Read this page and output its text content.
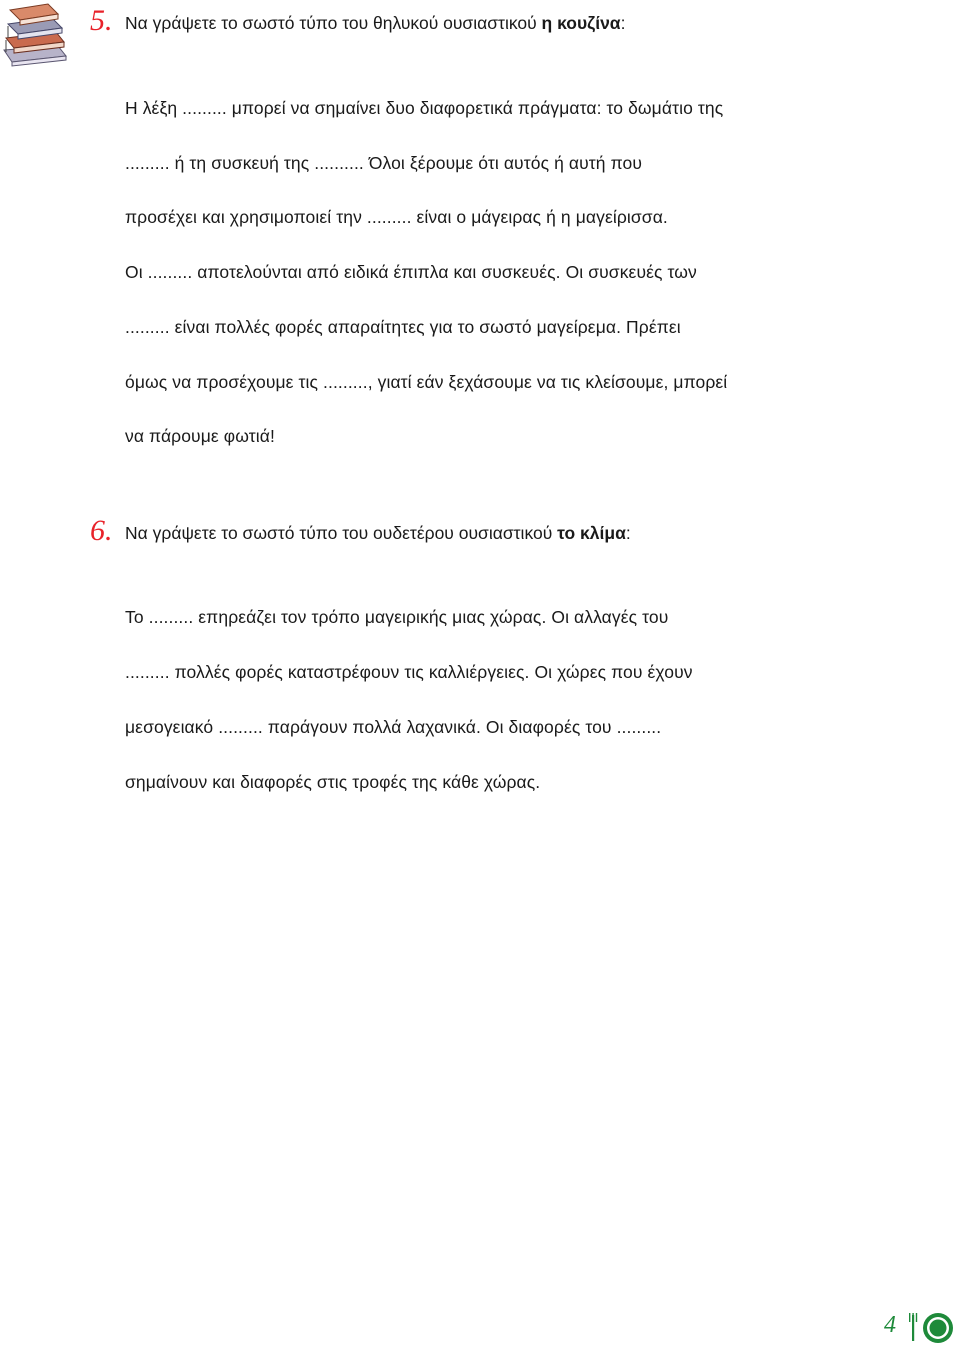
5. Να γράψετε το σωστό τύπο του θηλυκού ουσιαστικού η κουζίνα:
Η λέξη ......... μπορεί να σημαίνει δυο διαφορετικά πράγματα: το δωμάτιο της
......... ή τη συσκευή της .......... Όλοι ξέρουμε ότι αυτός ή αυτή που
προσέχει και χρησιμοποιεί την ......... είναι ο μάγειρας ή η μαγείρισσα.
Οι ......... αποτελούνται από ειδικά έπιπλα και συσκευές. Οι συσκευές των
......... είναι πολλές φορές απαραίτητες για το σωστό μαγείρεμα. Πρέπει
όμως να προσέχουμε τις ........., γιατί εάν ξεχάσουμε να τις κλείσουμε, μπορεί
να πάρουμε φωτιά!
6. Να γράψετε το σωστό τύπο του ουδετέρου ουσιαστικού το κλίμα:
Το ......... επηρεάζει τον τρόπο μαγειρικής μιας χώρας. Οι αλλαγές του
......... πολλές φορές καταστρέφουν τις καλλιέργειες. Οι χώρες που έχουν
μεσογειακό ......... παράγουν πολλά λαχανικά. Οι διαφορές του .........
σημαίνουν και διαφορές στις τροφές της κάθε χώρας.
4
